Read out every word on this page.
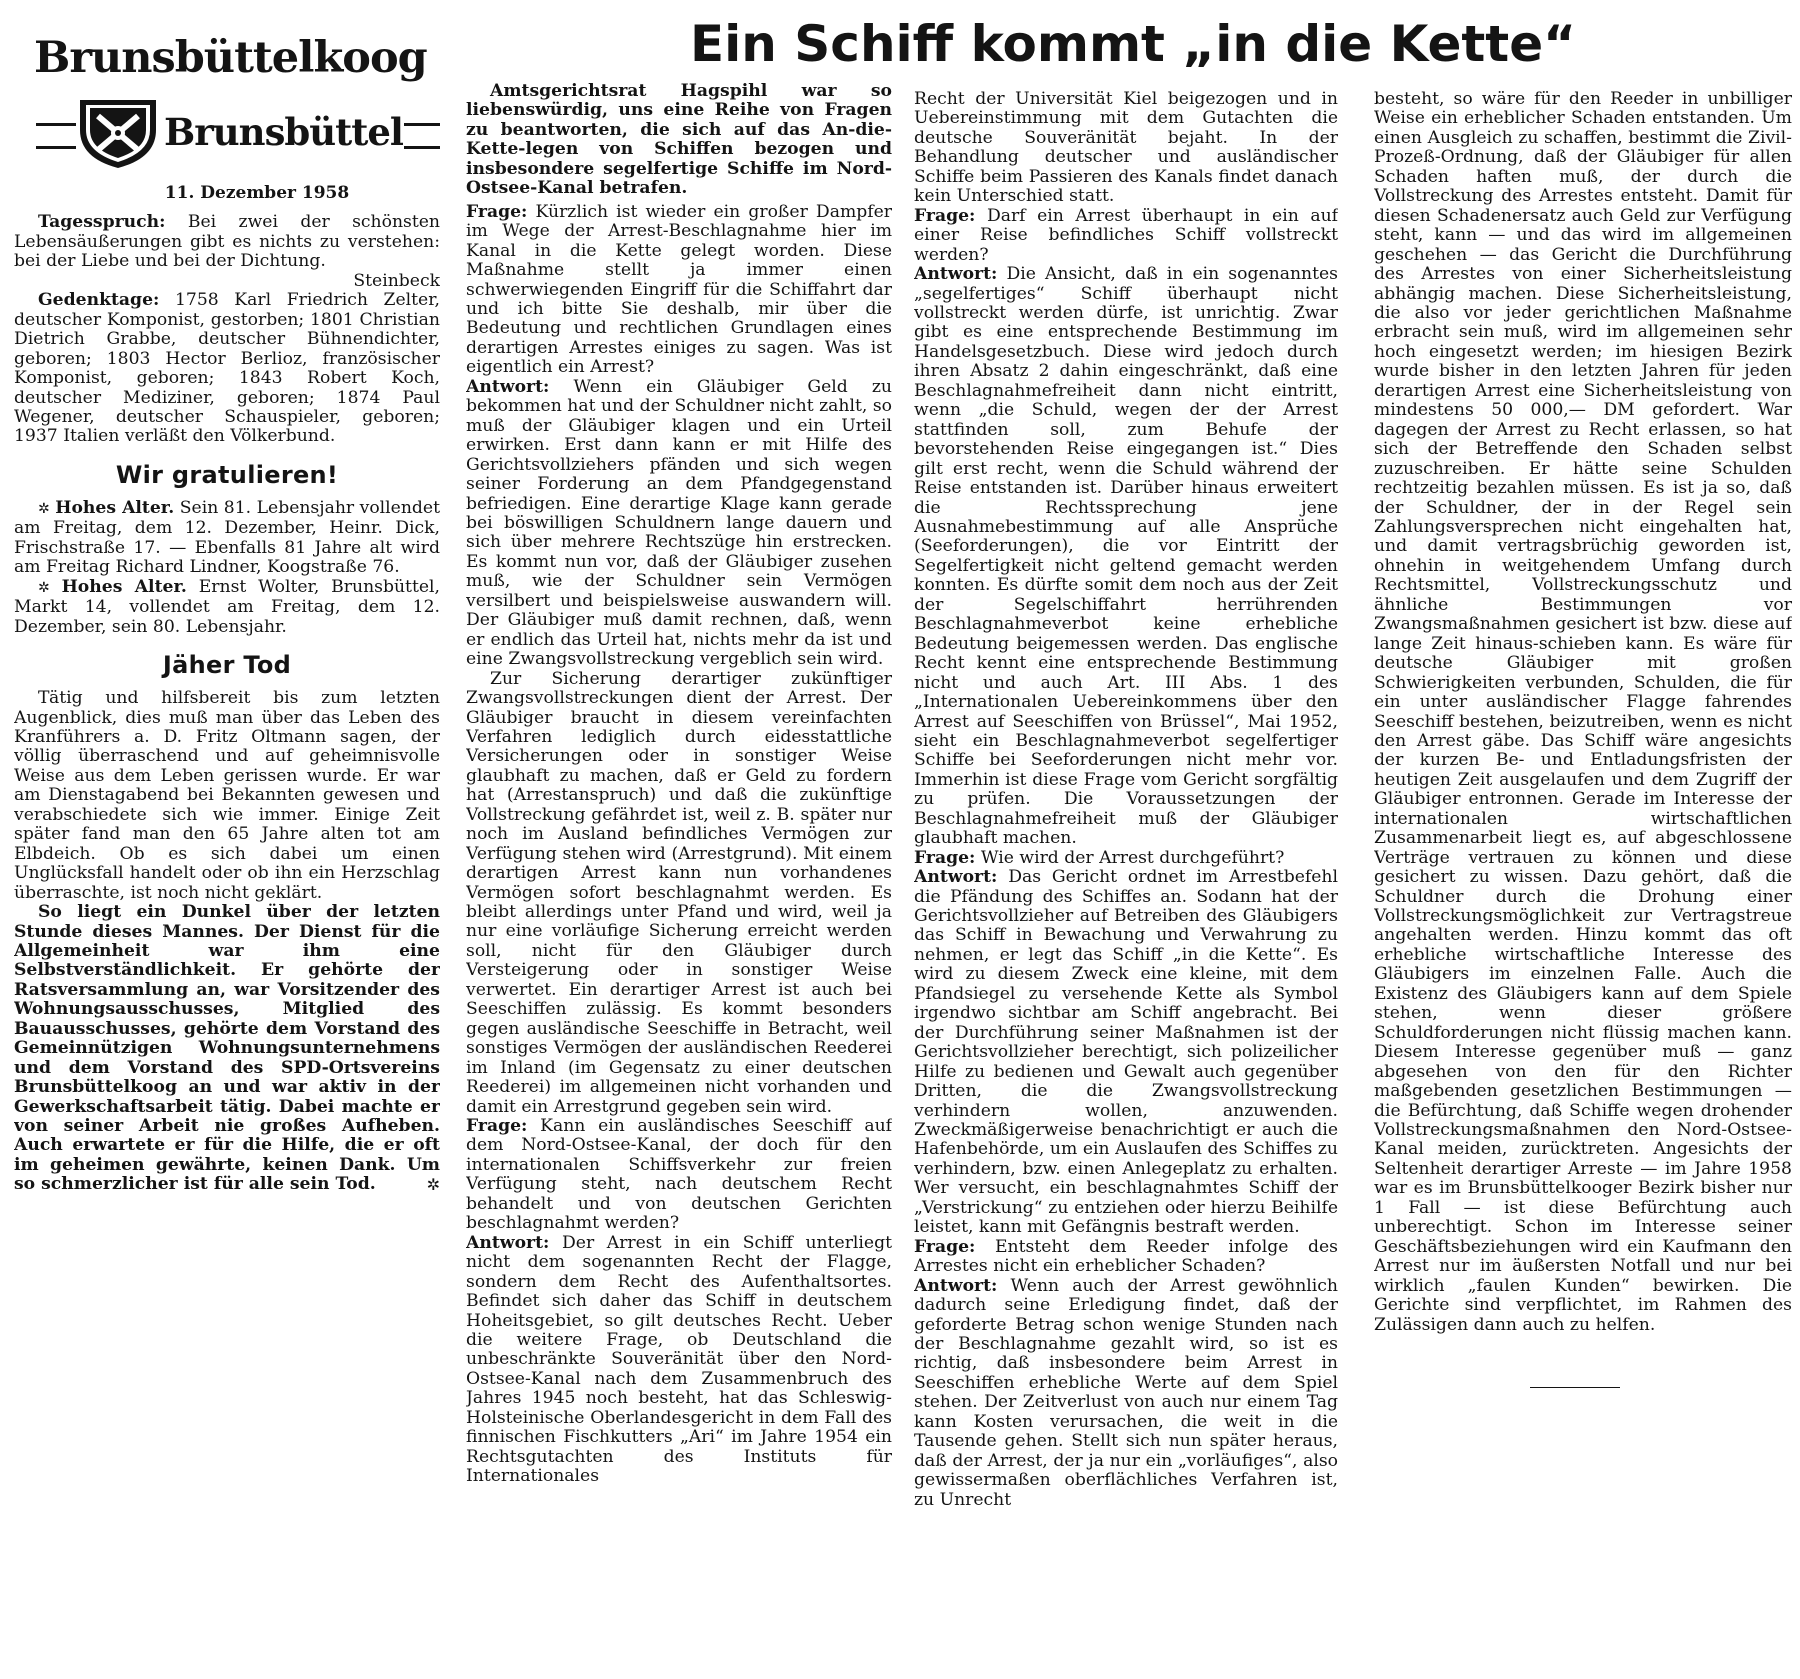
Ein Schiff kommt „in die Kette“
Brunsbüttelkoog
Brunsbüttel
11. Dezember 1958

Tagesspruch: Bei zwei der schönsten Lebensäußerungen gibt es nichts zu verstehen: bei der Liebe und bei der Dichtung.

Steinbeck

Gedenktage: 1758 Karl Friedrich Zelter, deutscher Komponist, gestorben; 1801 Christian Dietrich Grabbe, deutscher Bühnendichter, geboren; 1803 Hector Berlioz, französischer Komponist, geboren; 1843 Robert Koch, deutscher Mediziner, geboren; 1874 Paul Wegener, deutscher Schauspieler, geboren; 1937 Italien verläßt den Völkerbund.

Wir gratulieren!

✲ Hohes Alter. Sein 81. Lebensjahr vollendet am Freitag, dem 12. Dezember, Heinr. Dick, Frischstraße 17. — Ebenfalls 81 Jahre alt wird am Freitag Richard Lindner, Koogstraße 76.

✲ Hohes Alter. Ernst Wolter, Brunsbüttel, Markt 14, vollendet am Freitag, dem 12. Dezember, sein 80. Lebensjahr.

Jäher Tod

Tätig und hilfsbereit bis zum letzten Augenblick, dies muß man über das Leben des Kranführers a. D. Fritz Oltmann sagen, der völlig überraschend und auf geheimnisvolle Weise aus dem Leben gerissen wurde. Er war am Dienstagabend bei Bekannten gewesen und verabschiedete sich wie immer. Einige Zeit später fand man den 65 Jahre alten tot am Elbdeich. Ob es sich dabei um einen Unglücksfall handelt oder ob ihn ein Herzschlag überraschte, ist noch nicht geklärt.

So liegt ein Dunkel über der letzten Stunde dieses Mannes. Der Dienst für die Allgemeinheit war ihm eine Selbstverständlichkeit. Er gehörte der Ratsversammlung an, war Vorsitzender des Wohnungsausschusses, Mitglied des Bauausschusses, gehörte dem Vorstand des Gemeinnützigen Wohnungsunternehmens und dem Vorstand des SPD-Ortsvereins Brunsbüttelkoog an und war aktiv in der Gewerkschaftsarbeit tätig. Dabei machte er von seiner Arbeit nie großes Aufheben. Auch erwartete er für die Hilfe, die er oft im geheimen gewährte, keinen Dank. Um so schmerzlicher ist für alle sein Tod.	✲

Amtsgerichtsrat Hagspihl war so liebenswürdig, uns eine Reihe von Fragen zu beantworten, die sich auf das An-die-Kette-legen von Schiffen bezogen und insbesondere segelfertige Schiffe im Nord-Ostsee-Kanal betrafen.

Frage: Kürzlich ist wieder ein großer Dampfer im Wege der Arrest-Beschlagnahme hier im Kanal in die Kette gelegt worden. Diese Maßnahme stellt ja immer einen schwerwiegenden Eingriff für die Schiffahrt dar und ich bitte Sie deshalb, mir über die Bedeutung und rechtlichen Grundlagen eines derartigen Arrestes einiges zu sagen. Was ist eigentlich ein Arrest?

Antwort: Wenn ein Gläubiger Geld zu bekommen hat und der Schuldner nicht zahlt, so muß der Gläubiger klagen und ein Urteil erwirken. Erst dann kann er mit Hilfe des Gerichtsvollziehers pfänden und sich wegen seiner Forderung an dem Pfandgegenstand befriedigen. Eine derartige Klage kann gerade bei böswilligen Schuldnern lange dauern und sich über mehrere Rechtszüge hin erstrecken. Es kommt nun vor, daß der Gläubiger zusehen muß, wie der Schuldner sein Vermögen versilbert und beispielsweise auswandern will. Der Gläubiger muß damit rechnen, daß, wenn er endlich das Urteil hat, nichts mehr da ist und eine Zwangsvollstreckung vergeblich sein wird.

Zur Sicherung derartiger zukünftiger Zwangsvollstreckungen dient der Arrest. Der Gläubiger braucht in diesem vereinfachten Verfahren lediglich durch eidesstattliche Versicherungen oder in sonstiger Weise glaubhaft zu machen, daß er Geld zu fordern hat (Arrestanspruch) und daß die zukünftige Vollstreckung gefährdet ist, weil z. B. später nur noch im Ausland befindliches Vermögen zur Verfügung stehen wird (Arrestgrund). Mit einem derartigen Arrest kann nun vorhandenes Vermögen sofort beschlagnahmt werden. Es bleibt allerdings unter Pfand und wird, weil ja nur eine vorläufige Sicherung erreicht werden soll, nicht für den Gläubiger durch Versteigerung oder in sonstiger Weise verwertet. Ein derartiger Arrest ist auch bei Seeschiffen zulässig. Es kommt besonders gegen ausländische Seeschiffe in Betracht, weil sonstiges Vermögen der ausländischen Reederei im Inland (im Gegensatz zu einer deutschen Reederei) im allgemeinen nicht vorhanden und damit ein Arrestgrund gegeben sein wird.

Frage: Kann ein ausländisches Seeschiff auf dem Nord-Ostsee-Kanal, der doch für den internationalen Schiffsverkehr zur freien Verfügung steht, nach deutschem Recht behandelt und von deutschen Gerichten beschlagnahmt werden?

Antwort: Der Arrest in ein Schiff unterliegt nicht dem sogenannten Recht der Flagge, sondern dem Recht des Aufenthaltsortes. Befindet sich daher das Schiff in deutschem Hoheitsgebiet, so gilt deutsches Recht. Ueber die weitere Frage, ob Deutschland die unbeschränkte Souveränität über den Nord-Ostsee-Kanal nach dem Zusammenbruch des Jahres 1945 noch besteht, hat das Schleswig-Holsteinische Oberlandesgericht in dem Fall des finnischen Fischkutters „Ari“ im Jahre 1954 ein Rechtsgutachten des Instituts für Internationales

Recht der Universität Kiel beigezogen und in Uebereinstimmung mit dem Gutachten die deutsche Souveränität bejaht. In der Behandlung deutscher und ausländischer Schiffe beim Passieren des Kanals findet danach kein Unterschied statt.

Frage: Darf ein Arrest überhaupt in ein auf einer Reise befindliches Schiff vollstreckt werden?

Antwort: Die Ansicht, daß in ein sogenanntes „segelfertiges“ Schiff überhaupt nicht vollstreckt werden dürfe, ist unrichtig. Zwar gibt es eine entsprechende Bestimmung im Handelsgesetzbuch. Diese wird jedoch durch ihren Absatz 2 dahin eingeschränkt, daß eine Beschlagnahmefreiheit dann nicht eintritt, wenn „die Schuld, wegen der der Arrest stattfinden soll, zum Behufe der bevorstehenden Reise eingegangen ist.“ Dies gilt erst recht, wenn die Schuld während der Reise entstanden ist. Darüber hinaus erweitert die Rechtssprechung jene Ausnahmebestimmung auf alle Ansprüche (Seeforderungen), die vor Eintritt der Segelfertigkeit nicht geltend gemacht werden konnten. Es dürfte somit dem noch aus der Zeit der Segelschiffahrt herrührenden Beschlagnahmeverbot keine erhebliche Bedeutung beigemessen werden. Das englische Recht kennt eine entsprechende Bestimmung nicht und auch Art. III Abs. 1 des „Internationalen Uebereinkommens über den Arrest auf Seeschiffen von Brüssel“, Mai 1952, sieht ein Beschlagnahmeverbot segelfertiger Schiffe bei Seeforderungen nicht mehr vor. Immerhin ist diese Frage vom Gericht sorgfältig zu prüfen. Die Voraussetzungen der Beschlagnahmefreiheit muß der Gläubiger glaubhaft machen.

Frage: Wie wird der Arrest durchgeführt?

Antwort: Das Gericht ordnet im Arrestbefehl die Pfändung des Schiffes an. Sodann hat der Gerichtsvollzieher auf Betreiben des Gläubigers das Schiff in Bewachung und Verwahrung zu nehmen, er legt das Schiff „in die Kette“. Es wird zu diesem Zweck eine kleine, mit dem Pfandsiegel zu versehende Kette als Symbol irgendwo sichtbar am Schiff angebracht. Bei der Durchführung seiner Maßnahmen ist der Gerichtsvollzieher berechtigt, sich polizeilicher Hilfe zu bedienen und Gewalt auch gegenüber Dritten, die die Zwangsvollstreckung verhindern wollen, anzuwenden. Zweckmäßigerweise benachrichtigt er auch die Hafenbehörde, um ein Auslaufen des Schiffes zu verhindern, bzw. einen Anlegeplatz zu erhalten. Wer versucht, ein beschlagnahmtes Schiff der „Verstrickung“ zu entziehen oder hierzu Beihilfe leistet, kann mit Gefängnis bestraft werden.

Frage: Entsteht dem Reeder infolge des Arrestes nicht ein erheblicher Schaden?

Antwort: Wenn auch der Arrest gewöhnlich dadurch seine Erledigung findet, daß der geforderte Betrag schon wenige Stunden nach der Beschlagnahme gezahlt wird, so ist es richtig, daß insbesondere beim Arrest in Seeschiffen erhebliche Werte auf dem Spiel stehen. Der Zeitverlust von auch nur einem Tag kann Kosten verursachen, die weit in die Tausende gehen. Stellt sich nun später heraus, daß der Arrest, der ja nur ein „vorläufiges“, also gewissermaßen oberflächliches Verfahren ist, zu Unrecht

besteht, so wäre für den Reeder in unbilliger Weise ein erheblicher Schaden entstanden. Um einen Ausgleich zu schaffen, bestimmt die Zivil-Prozeß-Ordnung, daß der Gläubiger für allen Schaden haften muß, der durch die Vollstreckung des Arrestes entsteht. Damit für diesen Schadenersatz auch Geld zur Verfügung steht, kann — und das wird im allgemeinen geschehen — das Gericht die Durchführung des Arrestes von einer Sicherheitsleistung abhängig machen. Diese Sicherheitsleistung, die also vor jeder gerichtlichen Maßnahme erbracht sein muß, wird im allgemeinen sehr hoch eingesetzt werden; im hiesigen Bezirk wurde bisher in den letzten Jahren für jeden derartigen Arrest eine Sicherheitsleistung von mindestens 50 000,— DM gefordert. War dagegen der Arrest zu Recht erlassen, so hat sich der Betreffende den Schaden selbst zuzuschreiben. Er hätte seine Schulden rechtzeitig bezahlen müssen. Es ist ja so, daß der Schuldner, der in der Regel sein Zahlungsversprechen nicht eingehalten hat, und damit vertragsbrüchig geworden ist, ohnehin in weitgehendem Umfang durch Rechtsmittel, Vollstreckungsschutz und ähnliche Bestimmungen vor Zwangsmaßnahmen gesichert ist bzw. diese auf lange Zeit hinaus-schieben kann. Es wäre für deutsche Gläubiger mit großen Schwierigkeiten verbunden, Schulden, die für ein unter ausländischer Flagge fahrendes Seeschiff bestehen, beizutreiben, wenn es nicht den Arrest gäbe. Das Schiff wäre angesichts der kurzen Be- und Entladungsfristen der heutigen Zeit ausgelaufen und dem Zugriff der Gläubiger entronnen. Gerade im Interesse der internationalen wirtschaftlichen Zusammenarbeit liegt es, auf abgeschlossene Verträge vertrauen zu können und diese gesichert zu wissen. Dazu gehört, daß die Schuldner durch die Drohung einer Vollstreckungsmöglichkeit zur Vertragstreue angehalten werden. Hinzu kommt das oft erhebliche wirtschaftliche Interesse des Gläubigers im einzelnen Falle. Auch die Existenz des Gläubigers kann auf dem Spiele stehen, wenn dieser größere Schuldforderungen nicht flüssig machen kann. Diesem Interesse gegenüber muß — ganz abgesehen von den für den Richter maßgebenden gesetzlichen Bestimmungen — die Befürchtung, daß Schiffe wegen drohender Vollstreckungsmaßnahmen den Nord-Ostsee-Kanal meiden, zurücktreten. Angesichts der Seltenheit derartiger Arreste — im Jahre 1958 war es im Brunsbüttelkooger Bezirk bisher nur 1 Fall — ist diese Befürchtung auch unberechtigt. Schon im Interesse seiner Geschäftsbeziehungen wird ein Kaufmann den Arrest nur im äußersten Notfall und nur bei wirklich „faulen Kunden“ bewirken. Die Gerichte sind verpflichtet, im Rahmen des Zulässigen dann auch zu helfen.
